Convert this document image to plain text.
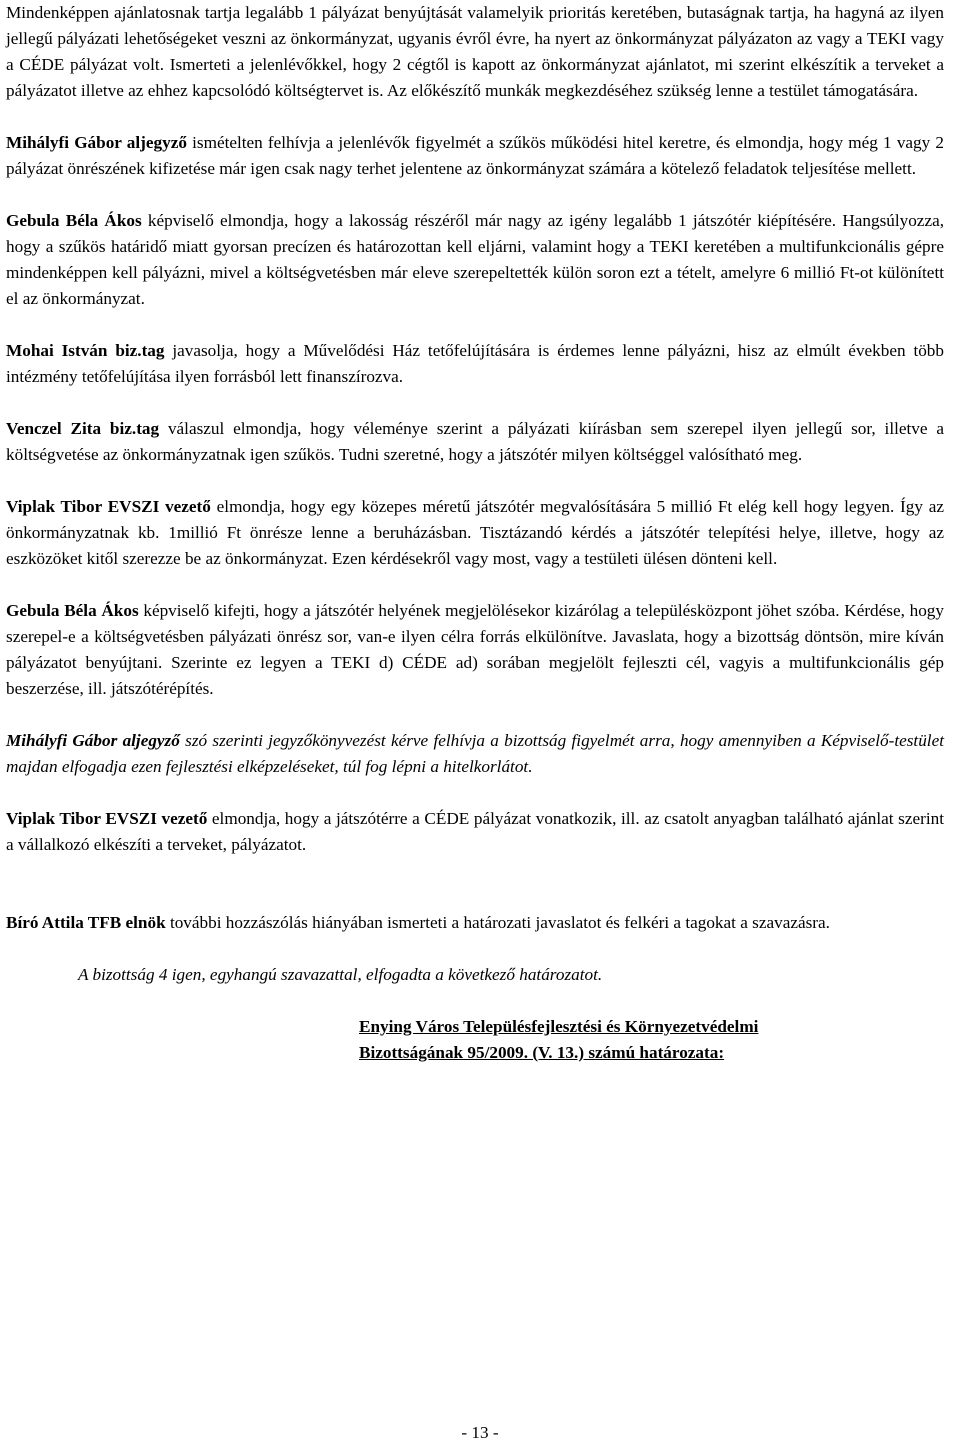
Mindenképpen ajánlatosnak tartja legalább 1 pályázat benyújtását valamelyik prioritás keretében, butaságnak tartja, ha hagyná az ilyen jellegű pályázati lehetőségeket veszni az önkormányzat, ugyanis évről évre, ha nyert az önkormányzat pályázaton az vagy a TEKI vagy a CÉDE pályázat volt. Ismerteti a jelenlévőkkel, hogy 2 cégtől is kapott az önkormányzat ajánlatot, mi szerint elkészítik a terveket a pályázatot illetve az ehhez kapcsolódó költségtervet is. Az előkészítő munkák megkezdéséhez szükség lenne a testület támogatására.

Mihályfi Gábor aljegyző ismételten felhívja a jelenlévők figyelmét a szűkös működési hitel keretre, és elmondja, hogy még 1 vagy 2 pályázat önrészének kifizetése már igen csak nagy terhet jelentene az önkormányzat számára a kötelező feladatok teljesítése mellett.

Gebula Béla Ákos képviselő elmondja, hogy a lakosság részéről már nagy az igény legalább 1 játszótér kiépítésére. Hangsúlyozza, hogy a szűkös határidő miatt gyorsan precízen és határozottan kell eljárni, valamint hogy a TEKI keretében a multifunkcionális gépre mindenképpen kell pályázni, mivel a költségvetésben már eleve szerepeltették külön soron ezt a tételt, amelyre 6 millió Ft-ot különített el az önkormányzat.

Mohai István biz.tag javasolja, hogy a Művelődési Ház tetőfelújítására is érdemes lenne pályázni, hisz az elmúlt években több intézmény tetőfelújítása ilyen forrásból lett finanszírozva.

Venczel Zita biz.tag válaszul elmondja, hogy véleménye szerint a pályázati kiírásban sem szerepel ilyen jellegű sor, illetve a költségvetése az önkormányzatnak igen szűkös. Tudni szeretné, hogy a játszótér milyen költséggel valósítható meg.

Viplak Tibor EVSZI vezető elmondja, hogy egy közepes méretű játszótér megvalósítására 5 millió Ft elég kell hogy legyen. Így az önkormányzatnak kb. 1millió Ft önrésze lenne a beruházásban. Tisztázandó kérdés a játszótér telepítési helye, illetve, hogy az eszközöket kitől szerezze be az önkormányzat. Ezen kérdésekről vagy most, vagy a testületi ülésen dönteni kell.

Gebula Béla Ákos képviselő kifejti, hogy a játszótér helyének megjelölésekor kizárólag a településközpont jöhet szóba. Kérdése, hogy szerepel-e a költségvetésben pályázati önrész sor, van-e ilyen célra forrás elkülönítve. Javaslata, hogy a bizottság döntsön, mire kíván pályázatot benyújtani. Szerinte ez legyen a TEKI d) CÉDE ad) sorában megjelölt fejleszti cél, vagyis a multifunkcionális gép beszerzése, ill. játszótérépítés.

Mihályfi Gábor aljegyző szó szerinti jegyzőkönyvezést kérve felhívja a bizottság figyelmét arra, hogy amennyiben a Képviselő-testület majdan elfogadja ezen fejlesztési elképzeléseket, túl fog lépni a hitelkorlátot.

Viplak Tibor EVSZI vezető elmondja, hogy a játszótérre a CÉDE pályázat vonatkozik, ill. az csatolt anyagban található ajánlat szerint a vállalkozó elkészíti a terveket, pályázatot.

Bíró Attila TFB elnök további hozzászólás hiányában ismerteti a határozati javaslatot és felkéri a tagokat a szavazásra.

A bizottság 4 igen, egyhangú szavazattal, elfogadta a következő határozatot.

Enying Város Településfejlesztési és Környezetvédelmi
Bizottságának 95/2009. (V. 13.) számú határozata:

- 13 -
